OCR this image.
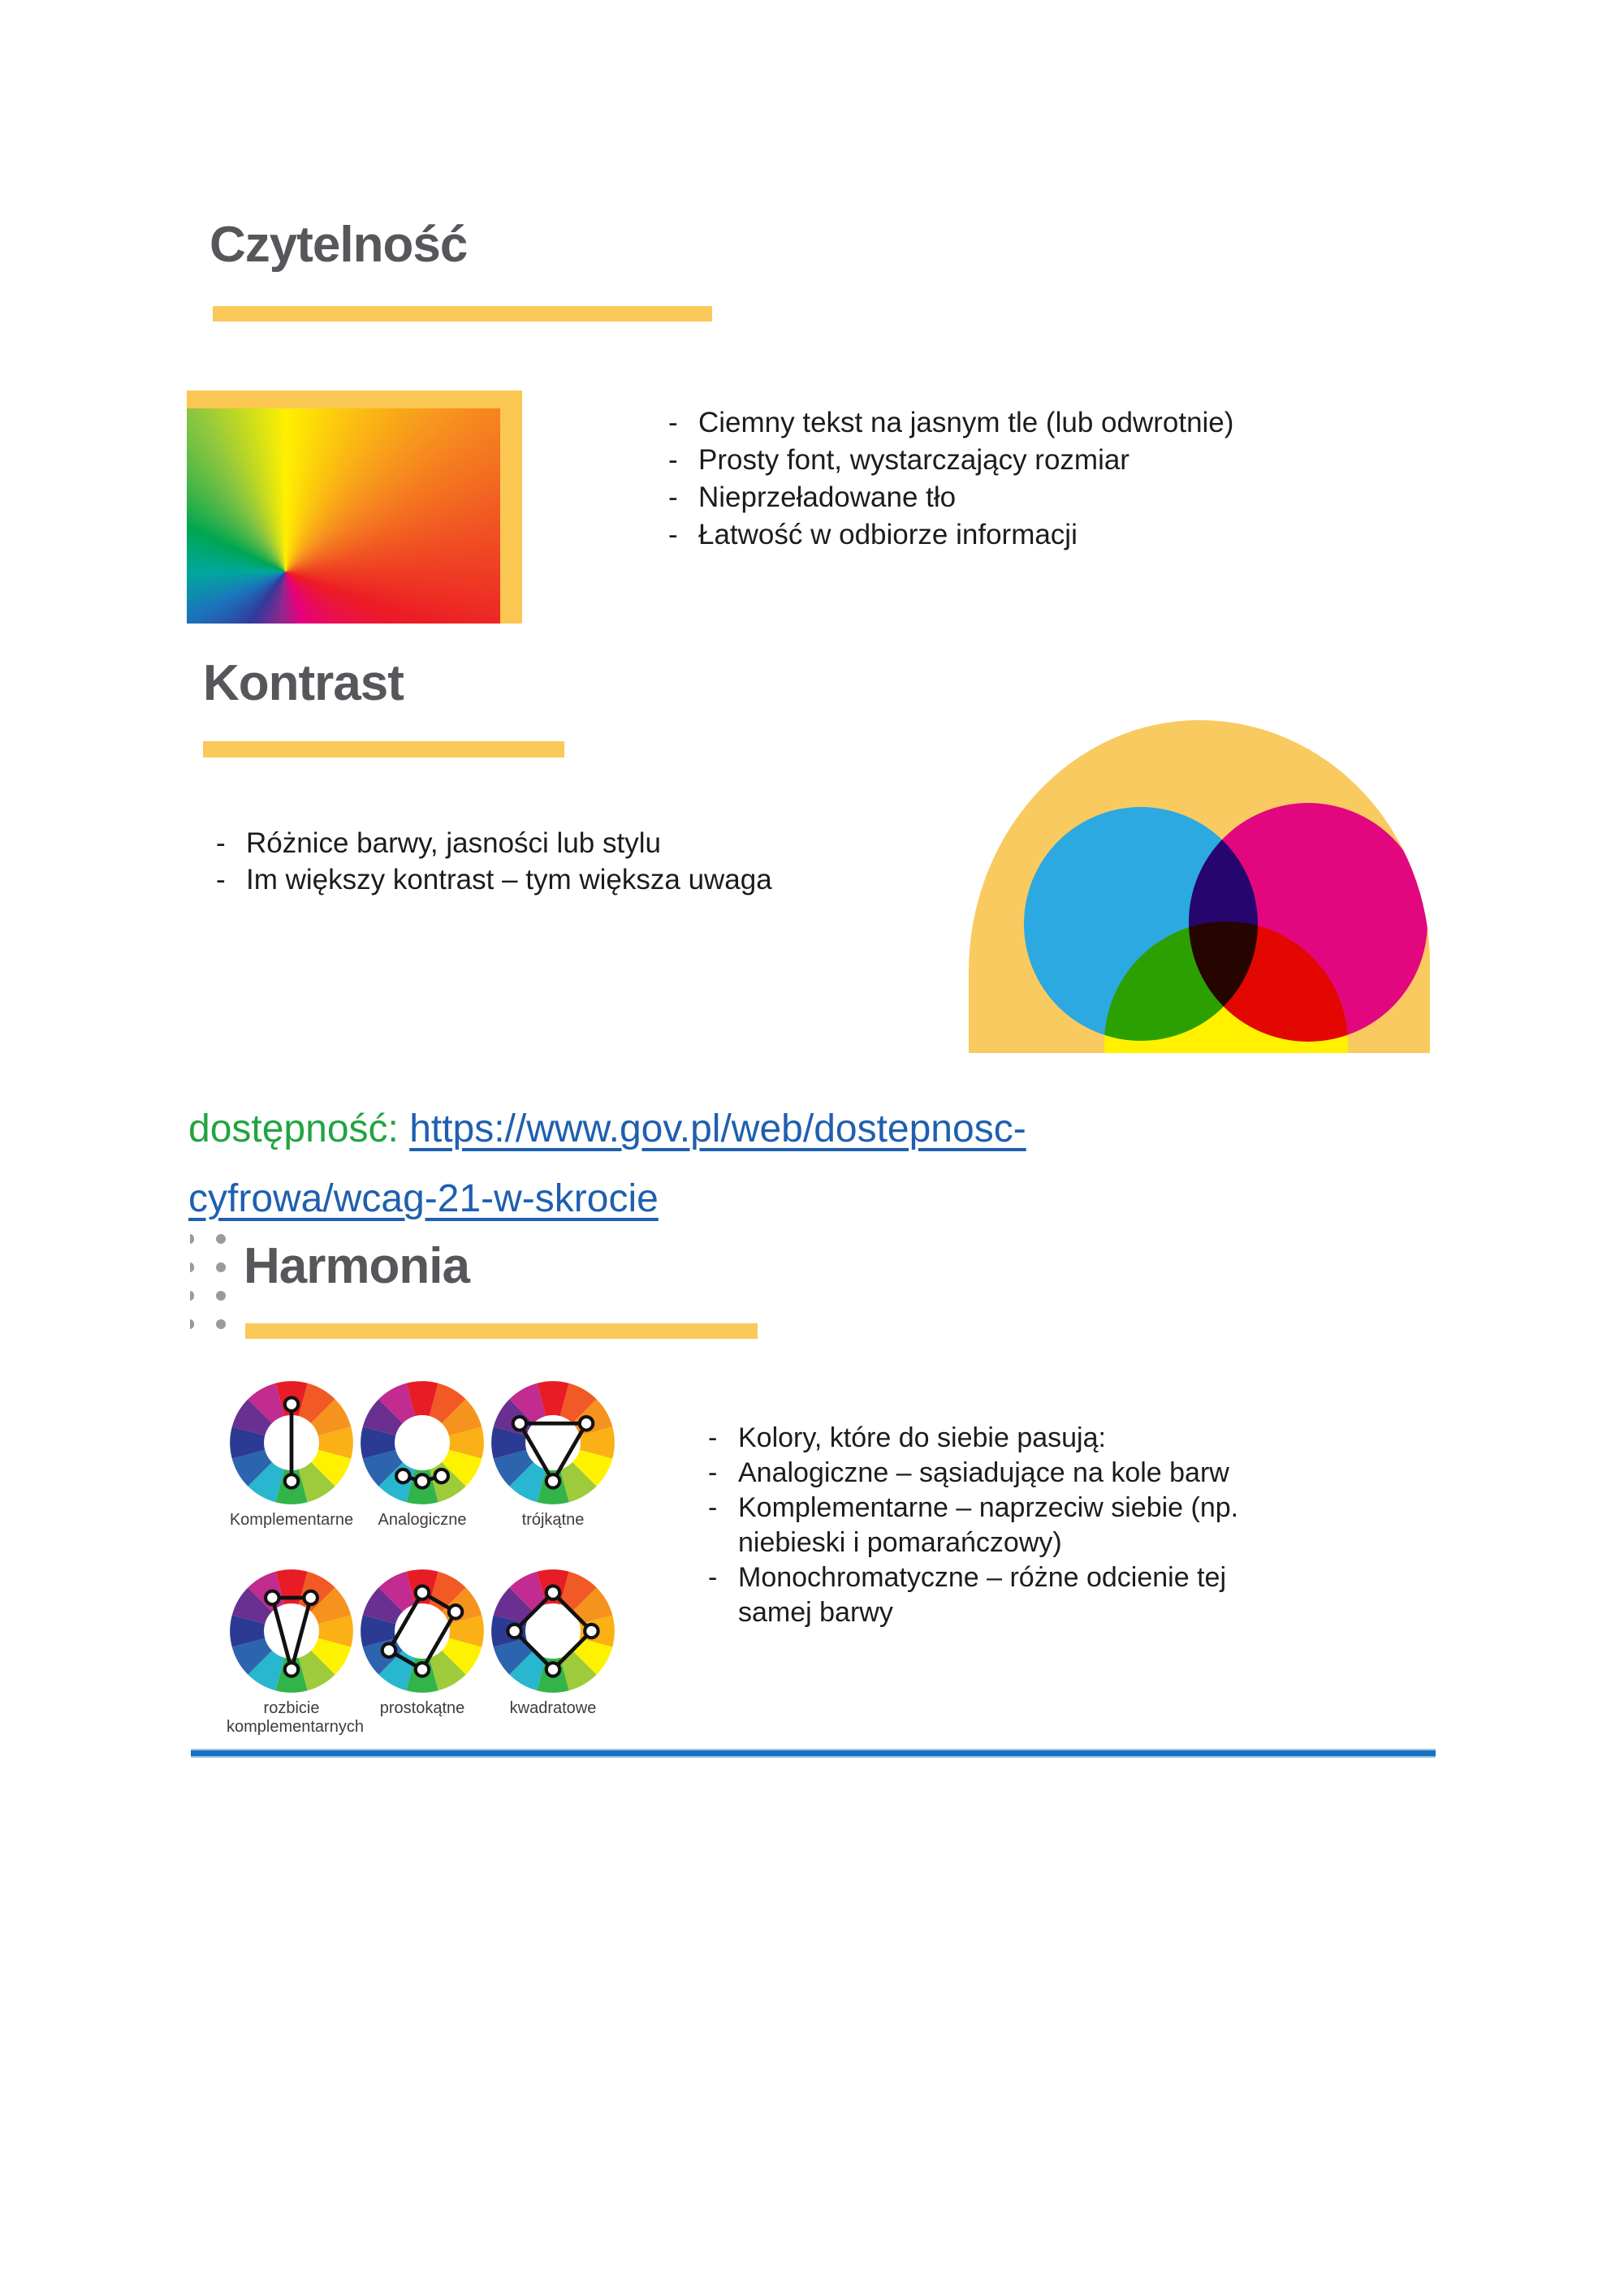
Czytelność
- Ciemny tekst na jasnym tle (lub odwrotnie)
- Prosty font, wystarczający rozmiar
- Nieprzeładowane tło
- Łatwość w odbiorze informacji
Kontrast
- Różnice barwy, jasności lub stylu
- Im większy kontrast – tym większa uwaga
dostępność: https://www.gov.pl/web/dostepnosc-
cyfrowa/wcag-21-w-skrocie
Harmonia
Komplementarne	Analogiczne	trójkątne
rozbicie komplementarnych
prostokątne	kwadratowe
- Kolory, które do siebie pasują:
- Analogiczne – sąsiadujące na kole barw
- Komplementarne – naprzeciw siebie (np.
niebieski i pomarańczowy)
- Monochromatyczne – różne odcienie tej
samej barwy
